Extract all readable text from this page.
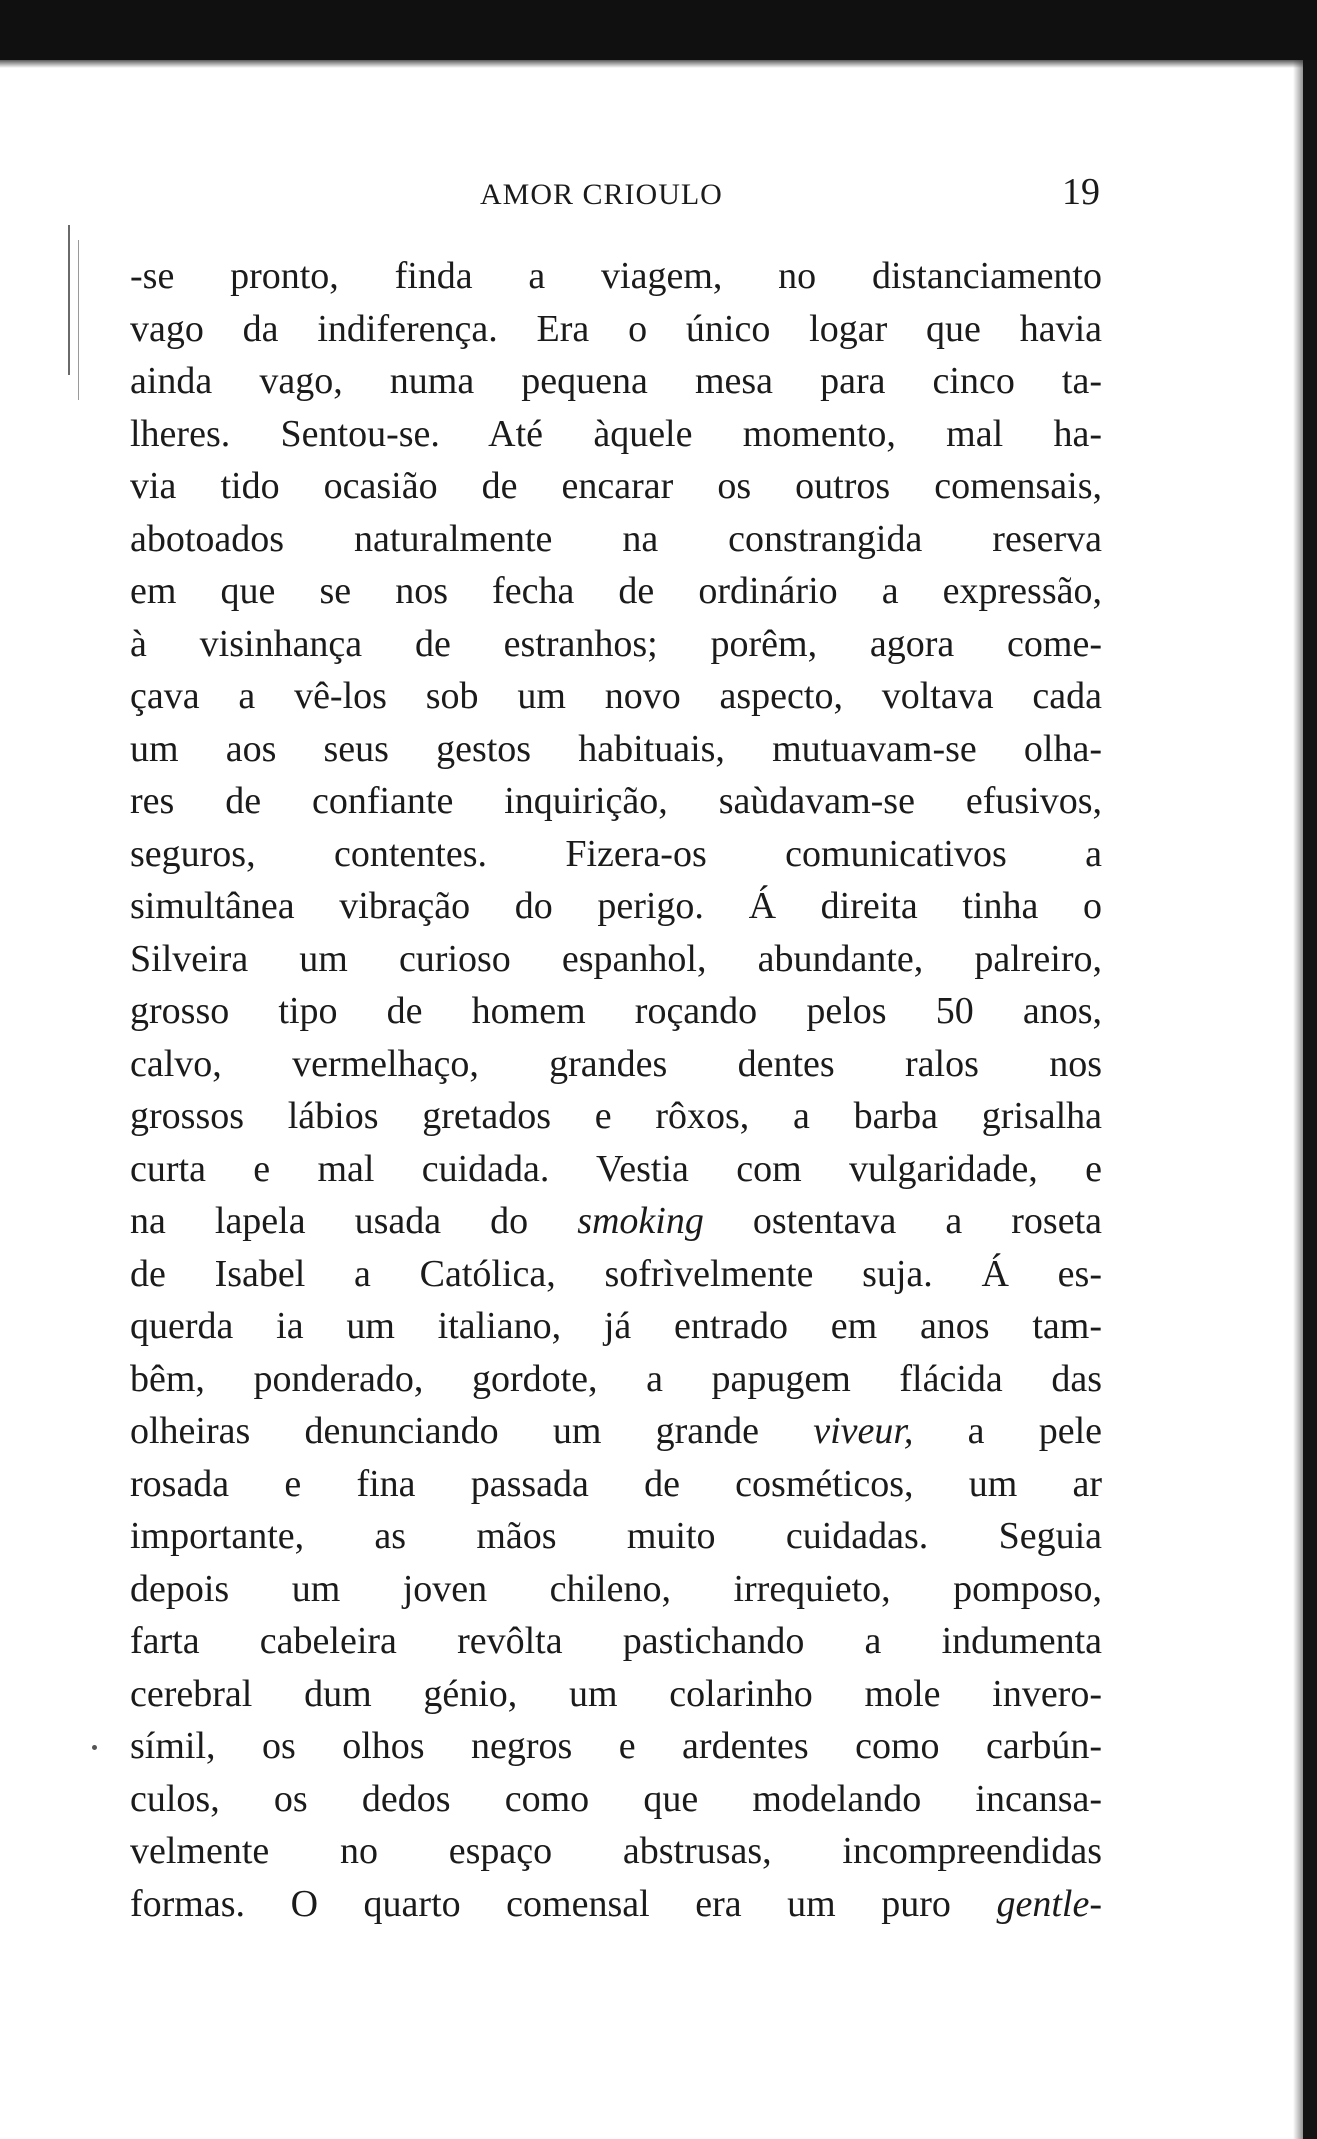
AMOR CRIOULO	19
-se pronto, finda a viagem, no distanciamento
vago da indiferença. Era o único logar que havia
ainda vago, numa pequena mesa para cinco ta-
lheres. Sentou-se. Até àquele momento, mal ha-
via tido ocasião de encarar os outros comensais,
abotoados naturalmente na constrangida reserva
em que se nos fecha de ordinário a expressão,
à visinhança de estranhos; porêm, agora come-
çava a vê-los sob um novo aspecto, voltava cada
um aos seus gestos habituais, mutuavam-se olha-
res de confiante inquirição, saùdavam-se efusivos,
seguros, contentes. Fizera-os comunicativos a
simultânea vibração do perigo. Á direita tinha o
Silveira um curioso espanhol, abundante, palreiro,
grosso tipo de homem roçando pelos 50 anos,
calvo, vermelhaço, grandes dentes ralos nos
grossos lábios gretados e rôxos, a barba grisalha
curta e mal cuidada. Vestia com vulgaridade, e
na lapela usada do smoking ostentava a roseta
de Isabel a Católica, sofrìvelmente suja. Á es-
querda ia um italiano, já entrado em anos tam-
bêm, ponderado, gordote, a papugem flácida das
olheiras denunciando um grande viveur, a pele
rosada e fina passada de cosméticos, um ar
importante, as mãos muito cuidadas. Seguia
depois um joven chileno, irrequieto, pomposo,
farta cabeleira revôlta pastichando a indumenta
cerebral dum génio, um colarinho mole invero-
símil, os olhos negros e ardentes como carbún-
culos, os dedos como que modelando incansa-
velmente no espaço abstrusas, incompreendidas
formas. O quarto comensal era um puro gentle-
